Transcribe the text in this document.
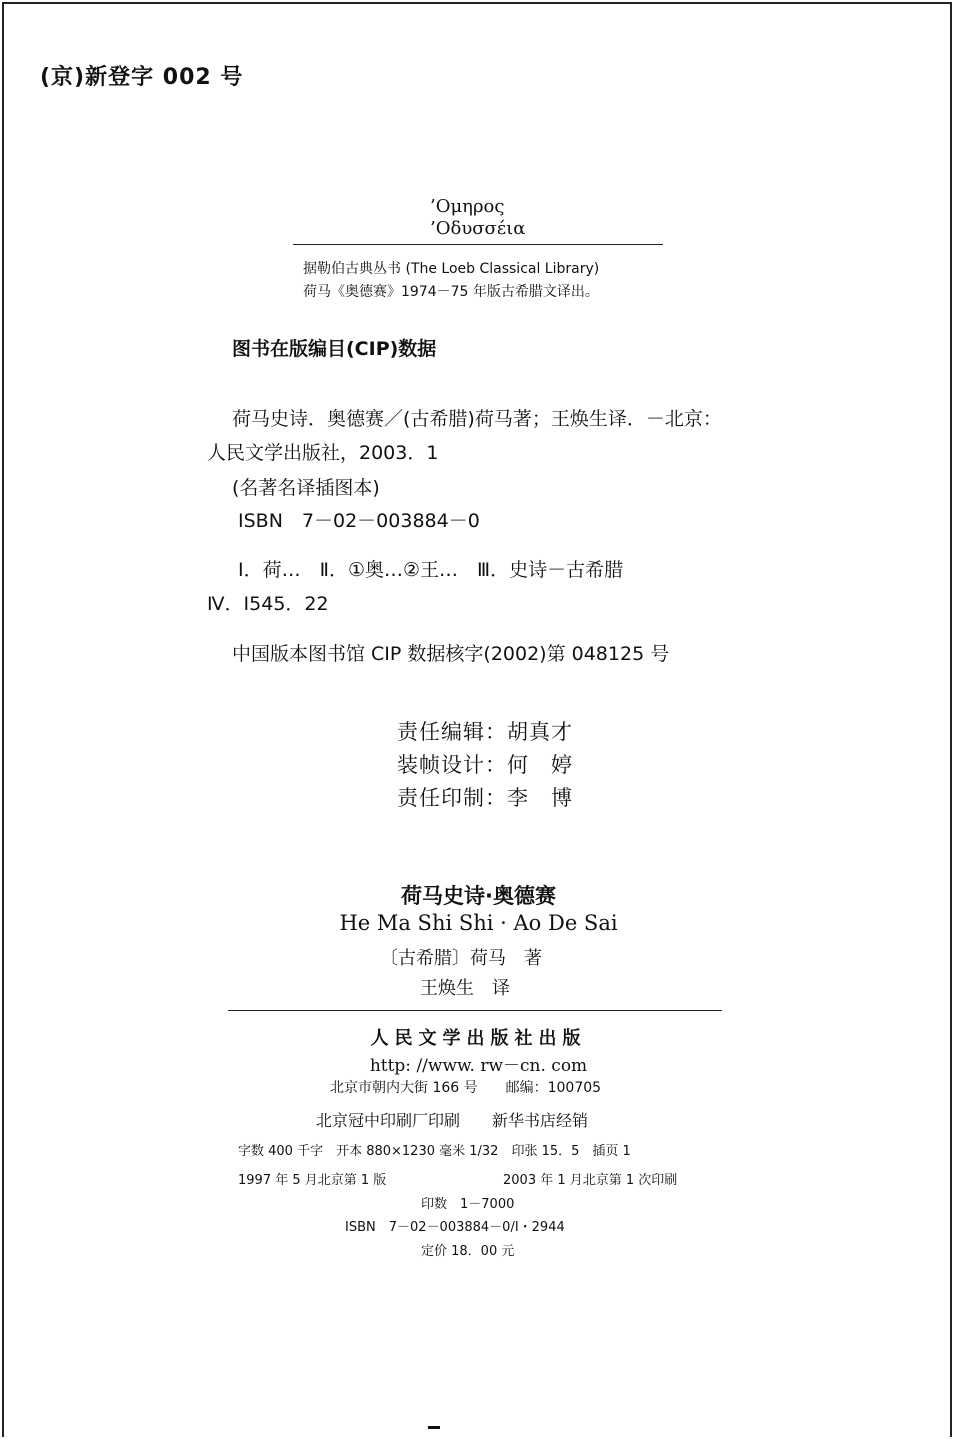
(京)新登字 002 号
’Ομηρος
’Οδυσσέια
据勒伯古典丛书 (The Loeb Classical Library)
荷马《奥德赛》1974－75 年版古希腊文译出。
图书在版编目(CIP)数据
荷马史诗．奥德赛／(古希腊)荷马著；王焕生译．－北京：
人民文学出版社，2003．1
(名著名译插图本)
ISBN　7－02－003884－0
Ⅰ．荷…　Ⅱ．①奥…②王…　Ⅲ．史诗－古希腊
Ⅳ．I545．22
中国版本图书馆 CIP 数据核字(2002)第 048125 号
责任编辑：胡真才
装帧设计：何　婷
责任印制：李　博
荷马史诗·奥德赛
He Ma Shi Shi · Ao De Sai
〔古希腊〕荷马　著
王焕生　译
人民文学出版社出版
http: //www. rw－cn. com
北京市朝内大街 166 号　　邮编：100705
北京冠中印刷厂印刷　　新华书店经销
字数 400 千字　开本 880×1230 毫米 1/32　印张 15．5　插页 1
1997 年 5 月北京第 1 版	2003 年 1 月北京第 1 次印刷
印数　1－7000
ISBN　7－02－003884－0/I・2944
定价 18．00 元
